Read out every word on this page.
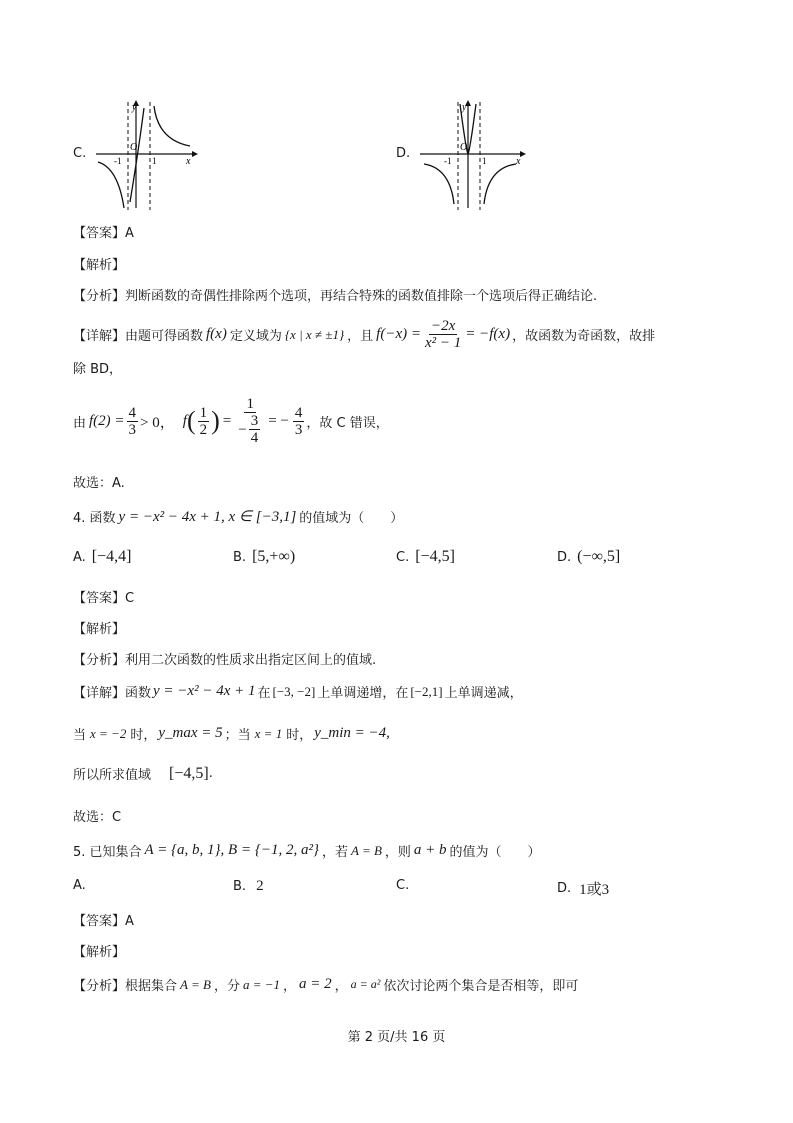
C.
y
x
O
-1	1	D.
y
x
O
-1	1
【答案】A
【解析】
【分析】判断函数的奇偶性排除两个选项，再结合特殊的函数值排除一个选项后得正确结论.
【详解】由题可得函数 f(x) 定义域为 {x | x ≠ ±1} ，且 $f(-x) = \frac{-2x}{\text{x² − 1}} = -f(x)$ ，故函数为奇函数，故排
除 BD，
由 $f(2) = \frac{4}{3} > 0$， f ( $\frac{1}{2}$ ) = $\frac{1}{- \frac{3}{4}}$ = − $\frac{4}{3}$ ，故 C 错误，
故选：A.
4. 函数 y = −x² − 4x + 1, x ∈ [−3,1] 的值域为（　　）
A. [−4,4]	B. [5,+∞)	C. [−4,5]	D. (−∞,5]
【答案】C
【解析】
【分析】利用二次函数的性质求出指定区间上的值域.
【详解】函数 y = −x² − 4x + 1 在 [−3, −2] 上单调递增，在 [−2,1] 上单调递减，
当 x = −2 时， y_max = 5 ；当 x = 1 时， y_min = −4,
所以所求值域 [−4,5] .
故选：C
5. 已知集合 A = {a, b, 1}, B = {−1, 2, a²} ，若 A = B ，则 a + b 的值为（　　）
A.	B. 2	C.	D. 1或3
【答案】A
【解析】
【分析】根据集合 A = B ，分 a = −1 ， a = 2 ， a = a² 依次讨论两个集合是否相等，即可
第 2 页/共 16 页
